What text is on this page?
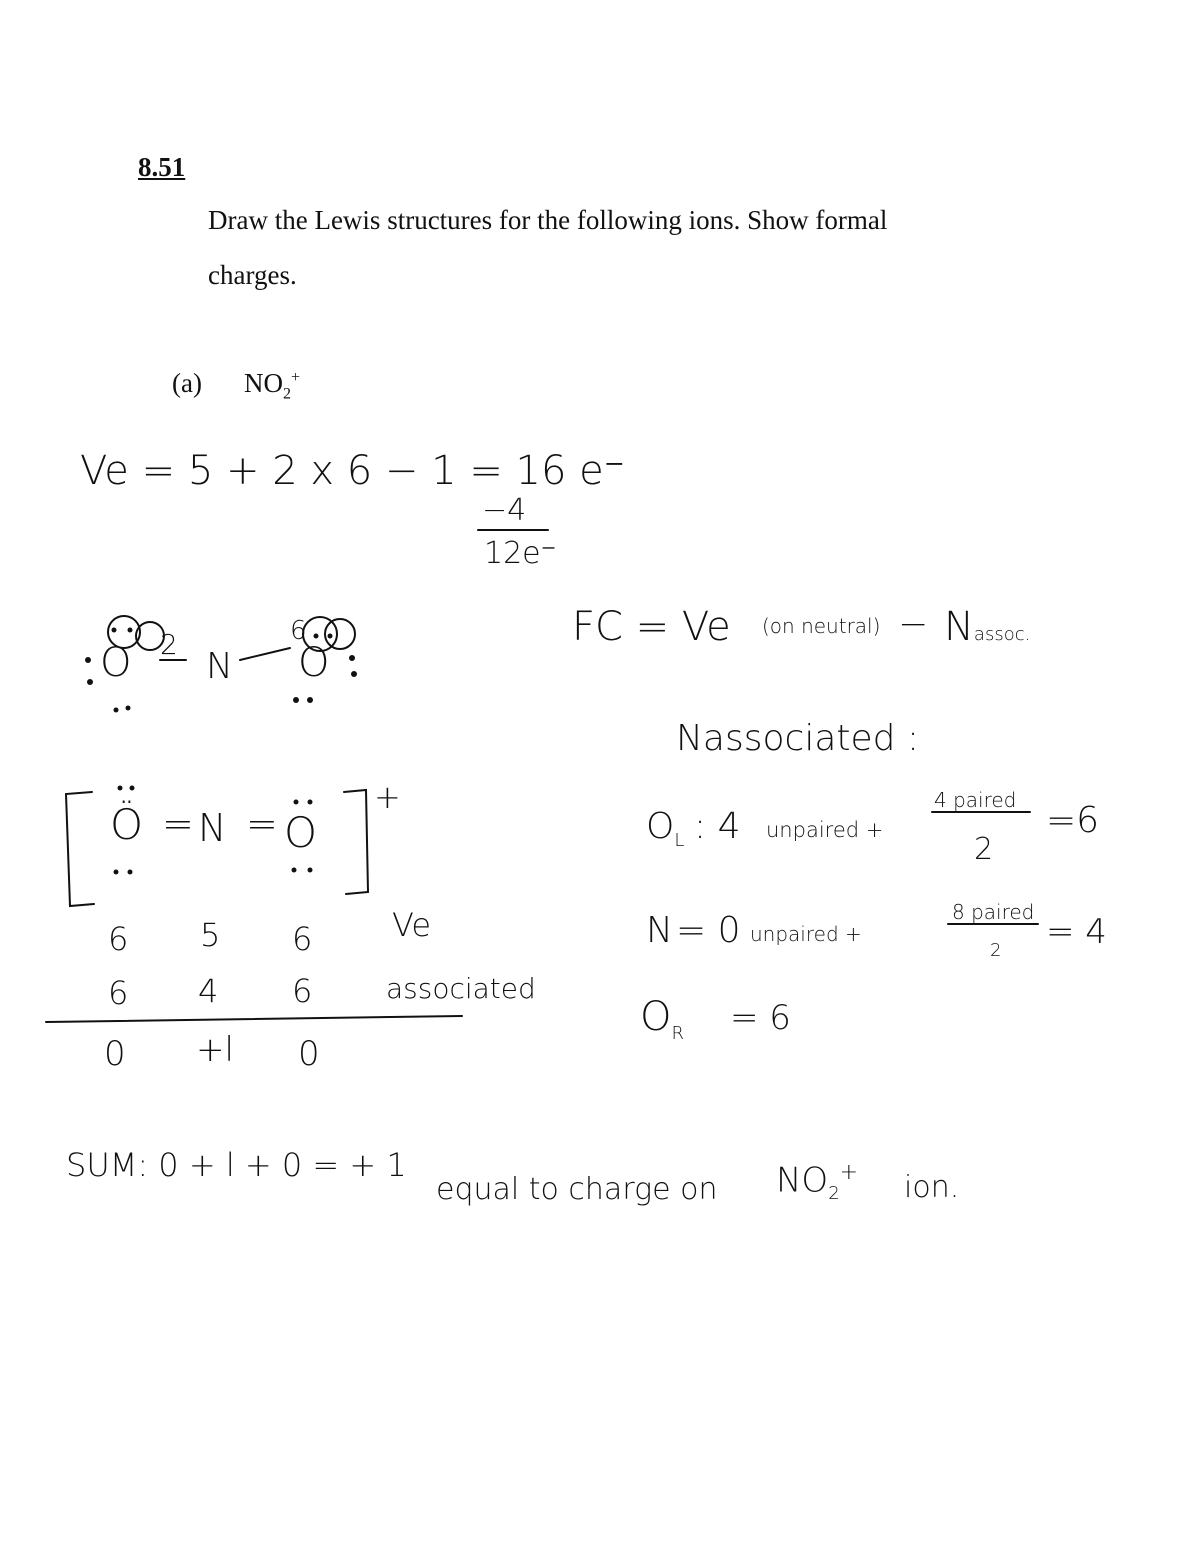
8.51
Draw the Lewis structures for the following ions. Show formal
charges.
(a) $NO_2^+$
Ve = 5 + 2 x 6 − 1 = 16 e⁻
−4
12e⁻
O 2
N
6
O
Ö = N = O
+
6 5 6 Ve
6 4 6	associated
0 +l 0
FC = Ve (on neutral) − Nassoc.
Nassociated :
$O_L$ : 4 unpaired +
4 paired
2
=6
N = 0 unpaired +
8 paired
2 = 4
$O_R = 6$
SUM: 0 + l + 0 = + 1
equal to charge on $NO_2^+$ ion.
